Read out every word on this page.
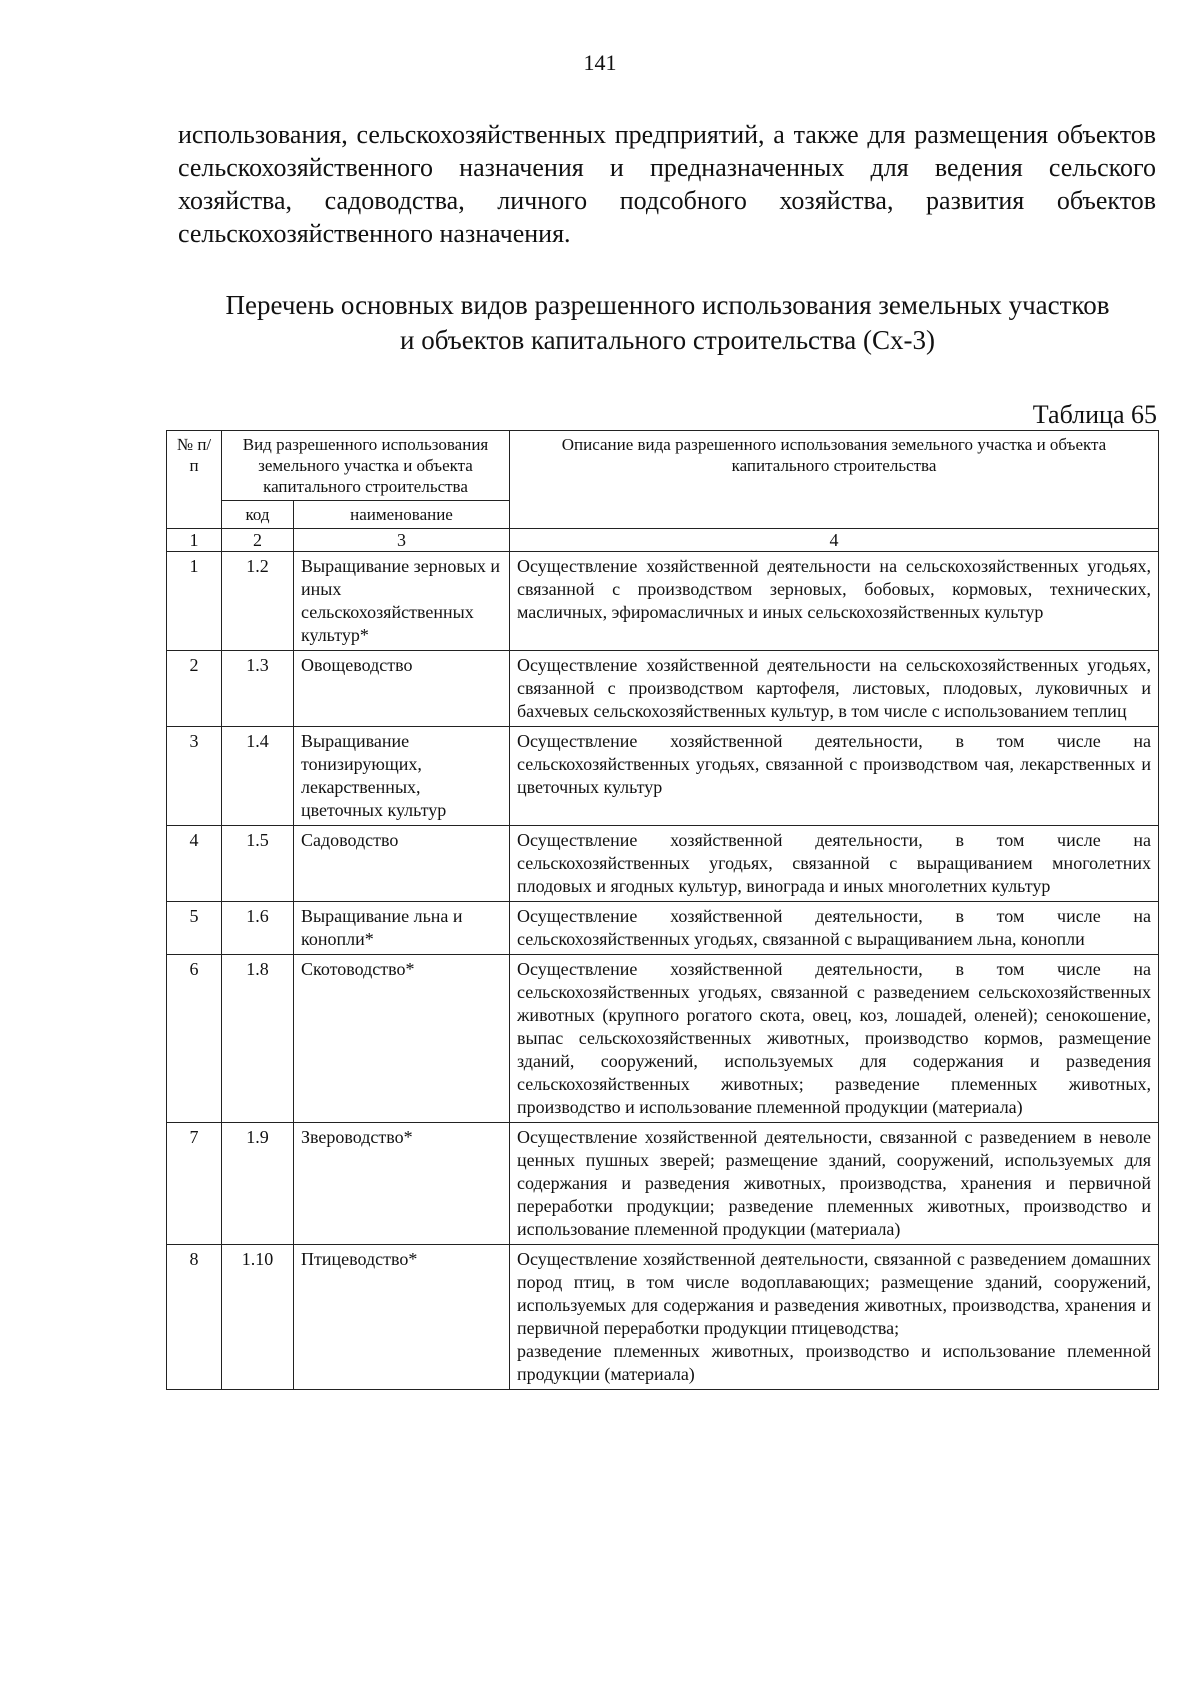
141
использования, сельскохозяйственных предприятий, а также для размещения объектов сельскохозяйственного назначения и предназначенных для ведения сельского хозяйства, садоводства, личного подсобного хозяйства, развития объектов сельскохозяйственного назначения.
Перечень основных видов разрешенного использования земельных участков
и объектов капитального строительства (Сх-3)
Таблица 65
№ п/п	Вид разрешенного использования земельного участка и объекта капитального строительства		Описание вида разрешенного использования земельного участка и объекта капитального строительства
	код	наименование	
1	2	3	4
1	1.2	Выращивание зерновых и иных сельскохозяйственных культур*	Осуществление хозяйственной деятельности на сельскохозяйственных угодьях, связанной с производством зерновых, бобовых, кормовых, технических, масличных, эфиромасличных и иных сельскохозяйственных культур
2	1.3	Овощеводство	Осуществление хозяйственной деятельности на сельскохозяйственных угодьях, связанной с производством картофеля, листовых, плодовых, луковичных и бахчевых сельскохозяйственных культур, в том числе с использованием теплиц
3	1.4	Выращивание тонизирующих, лекарственных, цветочных культур	Осуществление хозяйственной деятельности, в том числе на сельскохозяйственных угодьях, связанной с производством чая, лекарственных и цветочных культур
4	1.5	Садоводство	Осуществление хозяйственной деятельности, в том числе на сельскохозяйственных угодьях, связанной с выращиванием многолетних плодовых и ягодных культур, винограда и иных многолетних культур
5	1.6	Выращивание льна и конопли*	Осуществление хозяйственной деятельности, в том числе на сельскохозяйственных угодьях, связанной с выращиванием льна, конопли
6	1.8	Скотоводство*	Осуществление хозяйственной деятельности, в том числе на сельскохозяйственных угодьях, связанной с разведением сельскохозяйственных животных (крупного рогатого скота, овец, коз, лошадей, оленей); сенокошение, выпас сельскохозяйственных животных, производство кормов, размещение зданий, сооружений, используемых для содержания и разведения сельскохозяйственных животных; разведение племенных животных, производство и использование племенной продукции (материала)
7	1.9	Звероводство*	Осуществление хозяйственной деятельности, связанной с разведением в неволе ценных пушных зверей; размещение зданий, сооружений, используемых для содержания и разведения животных, производства, хранения и первичной переработки продукции; разведение племенных животных, производство и использование племенной продукции (материала)
8	1.10	Птицеводство*	Осуществление хозяйственной деятельности, связанной с разведением домашних пород птиц, в том числе водоплавающих; размещение зданий, сооружений, используемых для содержания и разведения животных, производства, хранения и первичной переработки продукции птицеводства;
разведение племенных животных, производство и использование племенной продукции (материала)
